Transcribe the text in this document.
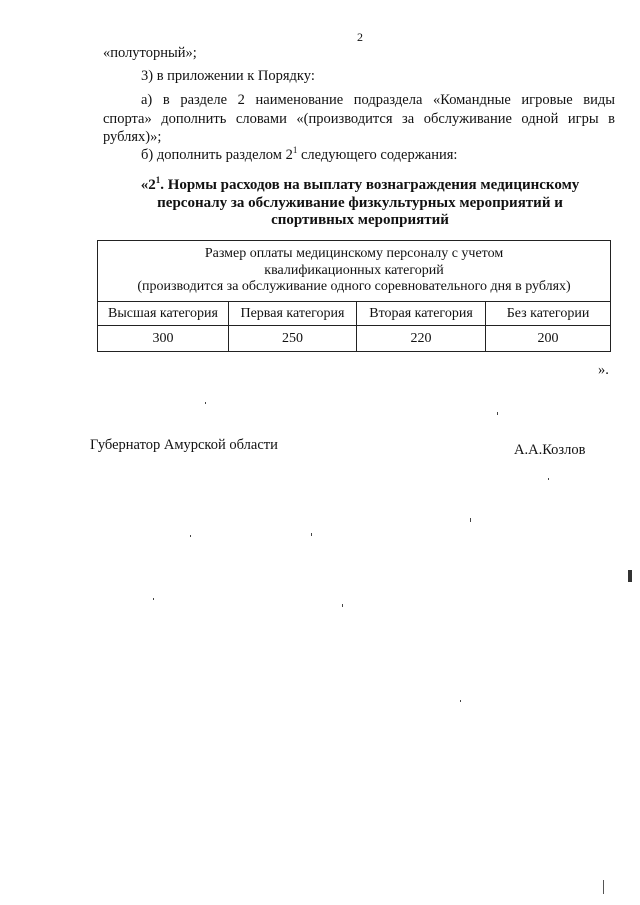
2
«полуторный»;
3) в приложении к Порядку:
а) в разделе 2 наименование подраздела «Командные игровые виды
спорта» дополнить словами «(производится за обслуживание одной игры в
рублях)»;
б) дополнить разделом $2^1$ следующего содержания:
«$2^1$. Нормы расходов на выплату вознаграждения медицинскому
персоналу за обслуживание физкультурных мероприятий и
спортивных мероприятий
Размер оплаты медицинскому персоналу с учетом
квалификационных категорий
(производится за обслуживание одного соревновательного дня в рублях)			

Высшая категория	Первая категория	Вторая категория	Без категории
300	250	220	200
».
Губернатор Амурской области	А.А.Козлов
